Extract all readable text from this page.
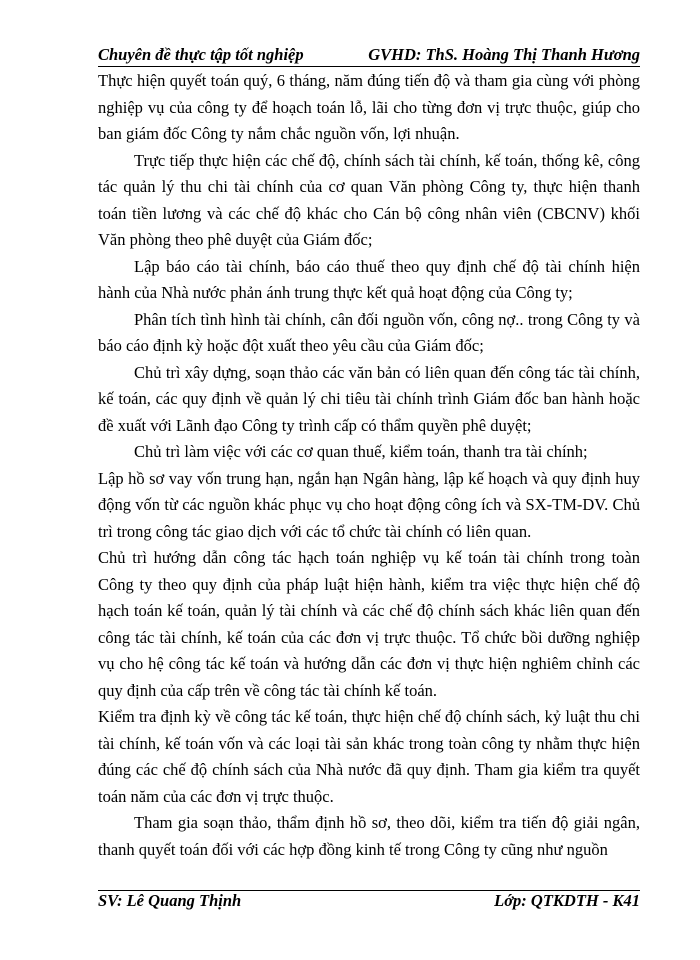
Chuyên đề thực tập tốt nghiệp	GVHD: ThS. Hoàng Thị Thanh Hương

Thực hiện quyết toán quý, 6 tháng, năm đúng tiến độ và tham gia cùng với phòng nghiệp vụ của công ty để hoạch toán lỗ, lãi cho từng đơn vị trực thuộc, giúp cho ban giám đốc Công ty nắm chắc nguồn vốn, lợi nhuận.

Trực tiếp thực hiện các chế độ, chính sách tài chính, kế toán, thống kê, công tác quản lý thu chi tài chính của cơ quan Văn phòng Công ty, thực hiện thanh toán tiền lương và các chế độ khác cho Cán bộ công nhân viên (CBCNV) khối Văn phòng theo phê duyệt của Giám đốc;

Lập báo cáo tài chính, báo cáo thuế theo quy định chế độ tài chính hiện hành của Nhà nước phản ánh trung thực kết quả hoạt động của Công ty;

Phân tích tình hình tài chính, cân đối nguồn vốn, công nợ.. trong Công ty và báo cáo định kỳ hoặc đột xuất theo yêu cầu của Giám đốc;

Chủ trì xây dựng, soạn thảo các văn bản có liên quan đến công tác tài chính, kế toán, các quy định về quản lý chi tiêu tài chính trình Giám đốc ban hành hoặc đề xuất với Lãnh đạo Công ty trình cấp có thẩm quyền phê duyệt;

Chủ trì làm việc với các cơ quan thuế, kiểm toán, thanh tra tài chính;

Lập hồ sơ vay vốn trung hạn, ngắn hạn Ngân hàng, lập kế hoạch và quy định huy động vốn từ các nguồn khác phục vụ cho hoạt động công ích và SX-TM-DV. Chủ trì trong công tác giao dịch với các tổ chức tài chính có liên quan.

Chủ trì hướng dẫn công tác hạch toán nghiệp vụ kế toán tài chính trong toàn Công ty theo quy định của pháp luật hiện hành, kiểm tra việc thực hiện chế độ hạch toán kế toán, quản lý tài chính và các chế độ chính sách khác liên quan đến công tác tài chính, kế toán của các đơn vị trực thuộc. Tổ chức bồi dưỡng nghiệp vụ cho hệ công tác kế toán và hướng dẫn các đơn vị thực hiện nghiêm chỉnh các quy định của cấp trên về công tác tài chính kế toán.

Kiểm tra định kỳ về công tác kế toán, thực hiện chế độ chính sách, kỷ luật thu chi tài chính, kế toán vốn và các loại tài sản khác trong toàn công ty nhằm thực hiện đúng các chế độ chính sách của Nhà nước đã quy định. Tham gia kiểm tra quyết toán năm của các đơn vị trực thuộc.

Tham gia soạn thảo, thẩm định hồ sơ, theo dõi, kiểm tra tiến độ giải ngân, thanh quyết toán đối với các hợp đồng kinh tế trong Công ty cũng như nguồn

SV: Lê Quang Thịnh	Lớp: QTKDTH - K41
